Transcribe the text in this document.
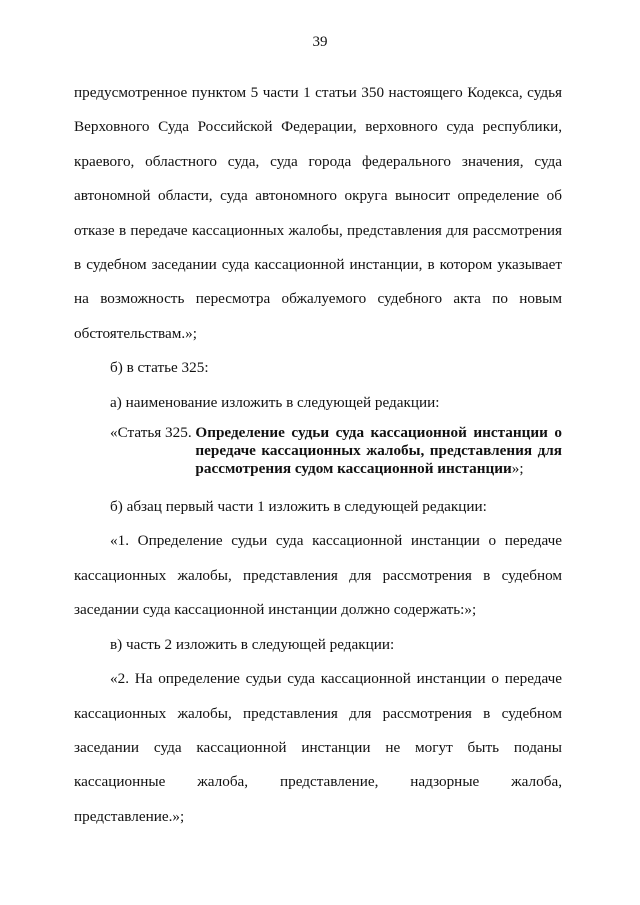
39

предусмотренное пунктом 5 части 1 статьи 350 настоящего Кодекса, судья Верховного Суда Российской Федерации, верховного суда республики, краевого, областного суда, суда города федерального значения, суда автономной области, суда автономного округа выносит определение об отказе в передаче кассационных жалобы, представления для рассмотрения в судебном заседании суда кассационной инстанции, в котором указывает на возможность пересмотра обжалуемого судебного акта по новым обстоятельствам.»;

б) в статье 325:

а) наименование изложить в следующей редакции:

«Статья 325. Определение судьи суда кассационной инстанции о передаче кассационных жалобы, представления для рассмотрения судом кассационной инстанции»;

б) абзац первый части 1 изложить в следующей редакции:

«1. Определение судьи суда кассационной инстанции о передаче кассационных жалобы, представления для рассмотрения в судебном заседании суда кассационной инстанции должно содержать:»;

в) часть 2 изложить в следующей редакции:

«2. На определение судьи суда кассационной инстанции о передаче кассационных жалобы, представления для рассмотрения в судебном заседании суда кассационной инстанции не могут быть поданы кассационные жалоба, представление, надзорные жалоба, представление.»;
